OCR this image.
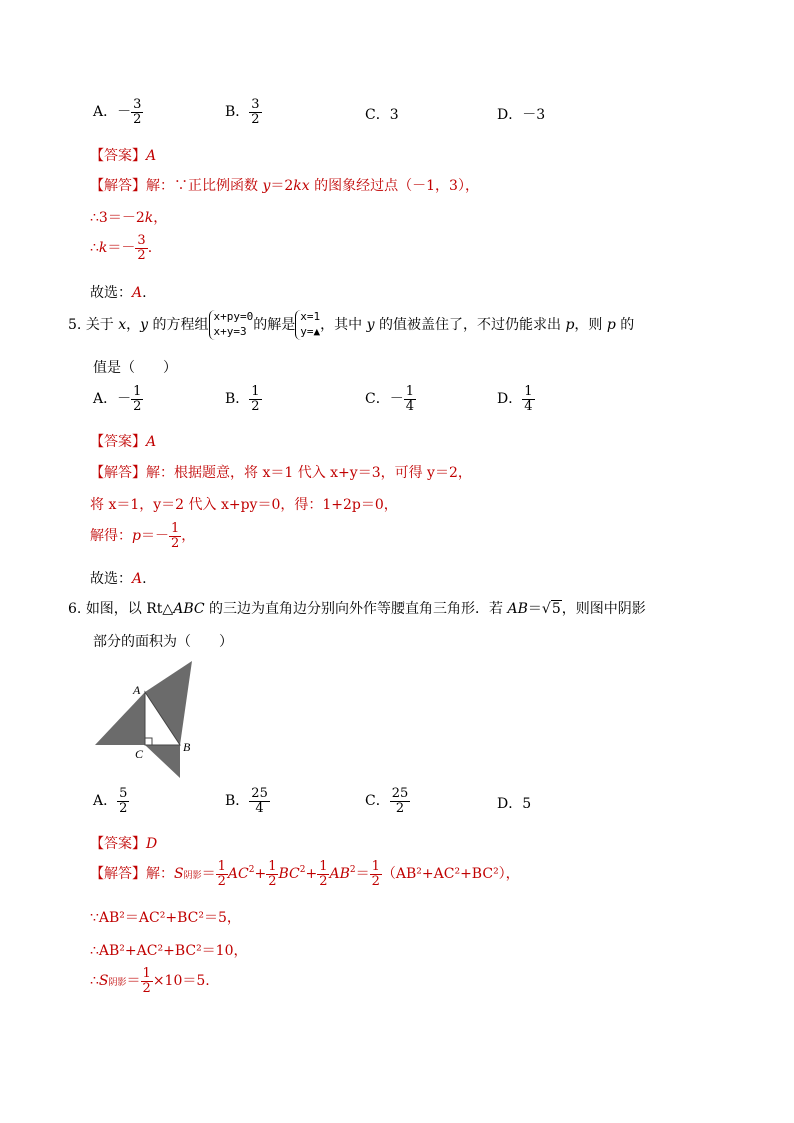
A．－ $\frac{3}{2}$	B． $\frac{3}{2}$	C．3	D．－3
【答案】A
【解答】解：∵正比例函数 y＝2kx 的图象经过点（－1，3），
∴3＝－2k，
∴k＝－ $\frac{3}{2}$ .
故选：A.
5. 关于 x，y 的方程组
x+py=0
x+y=3 的解是
x=1
y=▲ ，其中 y 的值被盖住了，不过仍能求出 p，则 p 的
值是（　　）
A．－ $\frac{1}{2}$	B． $\frac{1}{2}$	C．－ $\frac{1}{4}$	D． $\frac{1}{4}$
【答案】A
【解答】解：根据题意，将 x＝1 代入 x+y＝3，可得 y＝2，
将 x＝1，y＝2 代入 x+py＝0，得：1+2p＝0，
解得：$p=- \frac{1}{2}$ ，
故选：A.
6. 如图，以 Rt△ABC 的三边为直角边分别向外作等腰直角三角形．若 AB＝√5，则图中阴影
部分的面积为（　　）
A
C	B
A． $\frac{5}{2}$	B． $\frac{25}{4}$	C． $\frac{25}{2}$	D．5
【答案】D
【解答】解：S阴影＝ $\frac{1}{2} AC^2+ \frac{1}{2} BC^2+ \frac{1}{2} AB^2= \frac{1}{2} (AB^2+AC^2+BC^2)$，
∵AB²＝AC²+BC²＝5，
∴AB²+AC²+BC²＝10，
∴S阴影＝ $\frac{1}{2} \times 10=5$.
